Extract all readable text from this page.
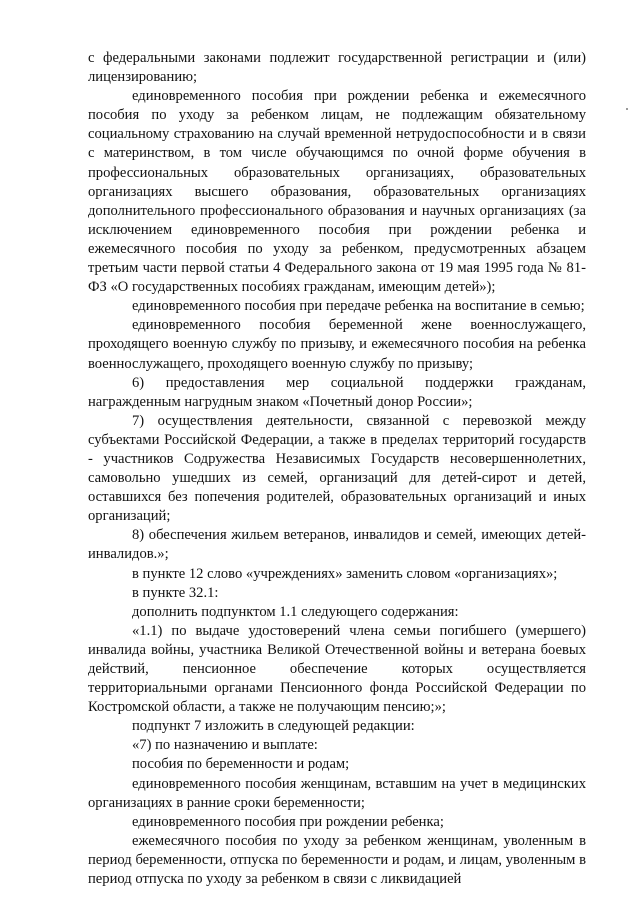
с федеральными законами подлежит государственной регистрации и (или) лицензированию;

единовременного пособия при рождении ребенка и ежемесячного пособия по уходу за ребенком лицам, не подлежащим обязательному социальному страхованию на случай временной нетрудоспособности и в связи с материнством, в том числе обучающимся по очной форме обучения в профессиональных образовательных организациях, образовательных организациях высшего образования, образовательных организациях дополнительного профессионального образования и научных организациях (за исключением единовременного пособия при рождении ребенка и ежемесячного пособия по уходу за ребенком, предусмотренных абзацем третьим части первой статьи 4 Федерального закона от 19 мая 1995 года № 81-ФЗ «О государственных пособиях гражданам, имеющим детей»);

единовременного пособия при передаче ребенка на воспитание в семью;

единовременного пособия беременной жене военнослужащего, проходящего военную службу по призыву, и ежемесячного пособия на ребенка военнослужащего, проходящего военную службу по призыву;

6) предоставления мер социальной поддержки гражданам, награжденным нагрудным знаком «Почетный донор России»;

7) осуществления деятельности, связанной с перевозкой между субъектами Российской Федерации, а также в пределах территорий государств - участников Содружества Независимых Государств несовершеннолетних, самовольно ушедших из семей, организаций для детей-сирот и детей, оставшихся без попечения родителей, образовательных организаций и иных организаций;

8) обеспечения жильем ветеранов, инвалидов и семей, имеющих детей-инвалидов.»;

в пункте 12 слово «учреждениях» заменить словом «организациях»;

в пункте 32.1:

дополнить подпунктом 1.1 следующего содержания:

«1.1) по выдаче удостоверений члена семьи погибшего (умершего) инвалида войны, участника Великой Отечественной войны и ветерана боевых действий, пенсионное обеспечение которых осуществляется территориальными органами Пенсионного фонда Российской Федерации по Костромской области, а также не получающим пенсию;»;

подпункт 7 изложить в следующей редакции:

«7) по назначению и выплате:

пособия по беременности и родам;

единовременного пособия женщинам, вставшим на учет в медицинских организациях в ранние сроки беременности;

единовременного пособия при рождении ребенка;

ежемесячного пособия по уходу за ребенком женщинам, уволенным в период беременности, отпуска по беременности и родам, и лицам, уволенным в период отпуска по уходу за ребенком в связи с ликвидацией
